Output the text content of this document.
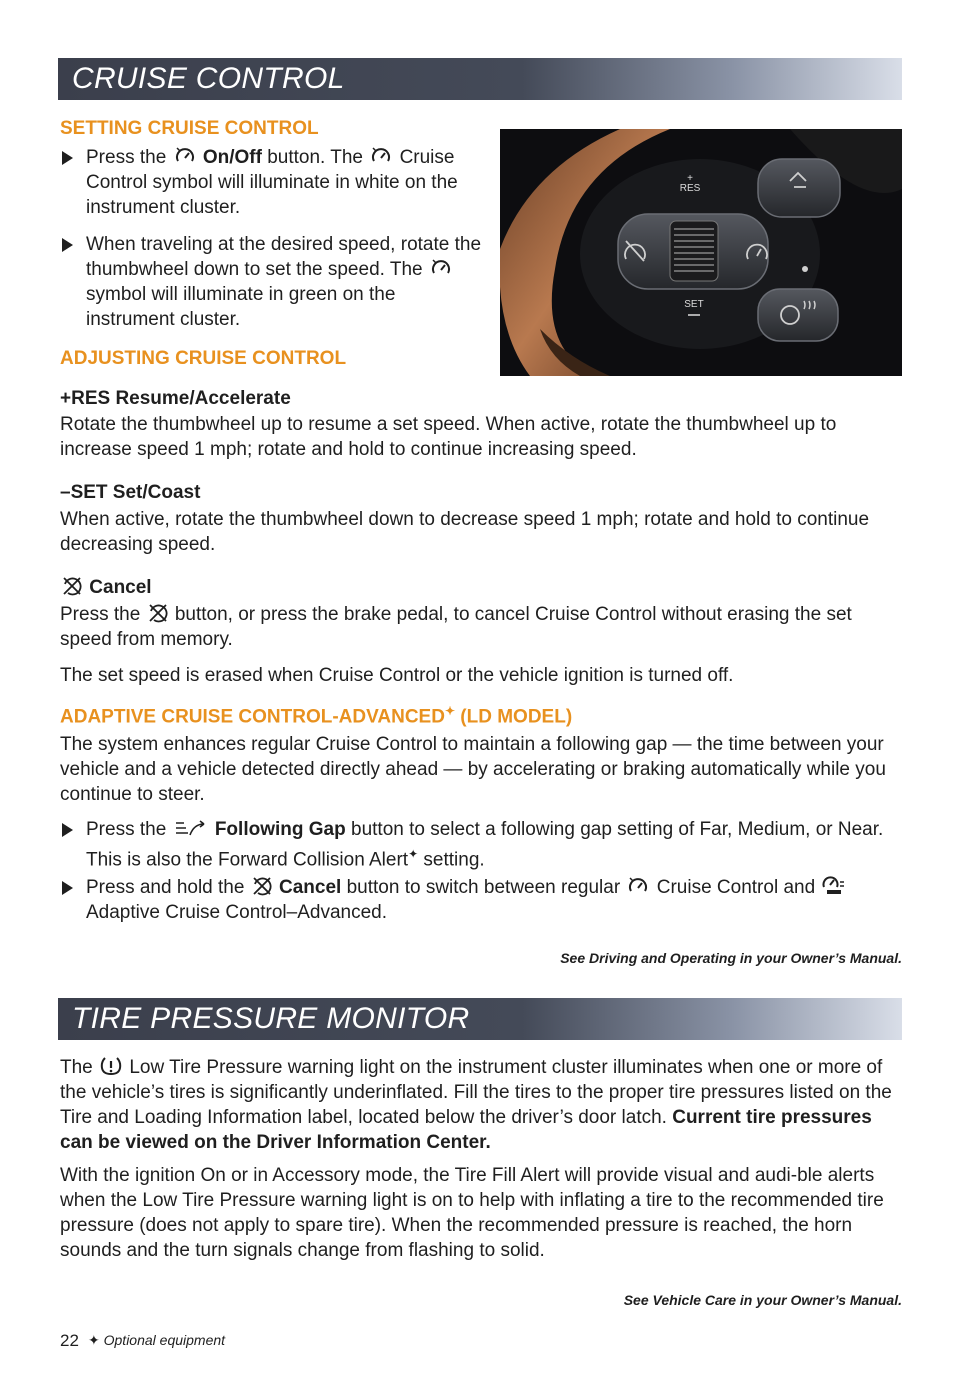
CRUISE CONTROL
SETTING CRUISE CONTROL
Press the On/Off button. The Cruise Control symbol will illuminate in white on the instrument cluster.
When traveling at the desired speed, rotate the thumbwheel down to set the speed. The  symbol will illuminate in green on the instrument cluster.
+
RES
SET
ADJUSTING CRUISE CONTROL
+RES Resume/Accelerate
Rotate the thumbwheel up to resume a set speed. When active, rotate the thumbwheel up to increase speed 1 mph; rotate and hold to continue increasing speed.
–SET Set/Coast
When active, rotate the thumbwheel down to decrease speed 1 mph; rotate and hold to continue decreasing speed.
Cancel
Press the button, or press the brake pedal, to cancel Cruise Control without erasing the set speed from memory.
The set speed is erased when Cruise Control or the vehicle ignition is turned off.
ADAPTIVE CRUISE CONTROL-ADVANCED✦ (LD MODEL)
The system enhances regular Cruise Control to maintain a following gap — the time between your vehicle and a vehicle detected directly ahead — by accelerating or braking automatically while you continue to steer.
Press the	Following Gap button to select a following gap setting of Far, Medium, or Near. This is also the Forward Collision Alert✦ setting.
Press and hold the Cancel button to switch between regular Cruise Control and  Adaptive Cruise Control–Advanced.
See Driving and Operating in your Owner’s Manual.
TIRE PRESSURE MONITOR
The Low Tire Pressure warning light on the instrument cluster illuminates when one or more of the vehicle’s tires is significantly underinflated. Fill the tires to the proper tire pressures listed on the Tire and Loading Information label, located below the driver’s door latch. Current tire pressures can be viewed on the Driver Information Center.
With the ignition On or in Accessory mode, the Tire Fill Alert will provide visual and audi-ble alerts when the Low Tire Pressure warning light is on to help with inflating a tire to the recommended tire pressure (does not apply to spare tire). When the recommended pressure is reached, the horn sounds and the turn signals change from flashing to solid.
See Vehicle Care in your Owner’s Manual.
22 ✦ Optional equipment
